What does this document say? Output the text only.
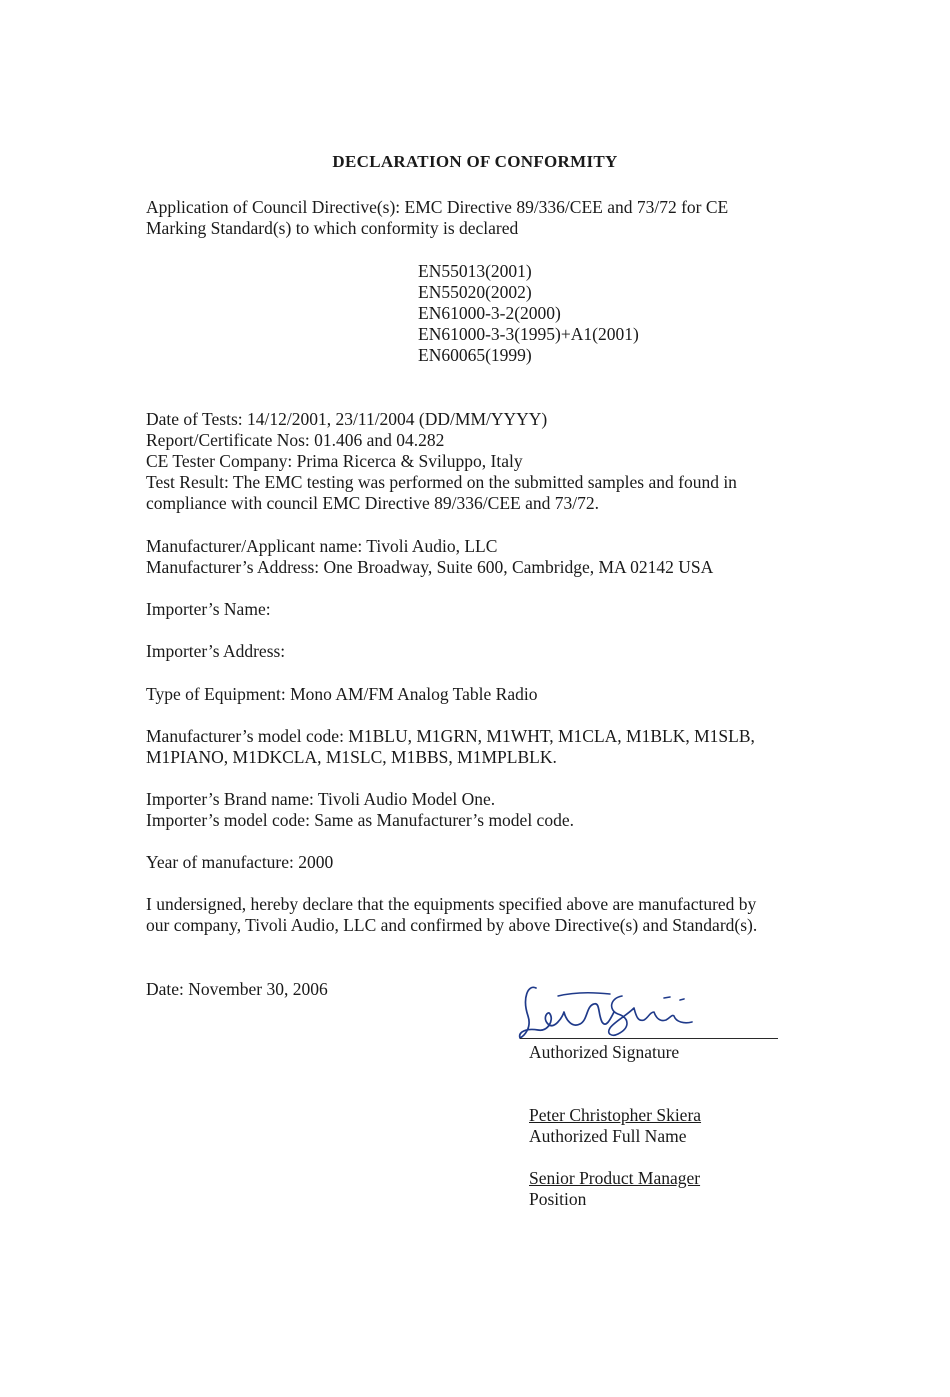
DECLARATION OF CONFORMITY
Application of Council Directive(s): EMC Directive 89/336/CEE and 73/72 for CE
Marking Standard(s) to which conformity is declared
EN55013(2001)
EN55020(2002)
EN61000-3-2(2000)
EN61000-3-3(1995)+A1(2001)
EN60065(1999)
Date of Tests: 14/12/2001, 23/11/2004 (DD/MM/YYYY)
Report/Certificate Nos: 01.406 and 04.282
CE Tester Company: Prima Ricerca & Sviluppo, Italy
Test Result: The EMC testing was performed on the submitted samples and found in
compliance with council EMC Directive 89/336/CEE and 73/72.
Manufacturer/Applicant name: Tivoli Audio, LLC
Manufacturer’s Address: One Broadway, Suite 600, Cambridge, MA 02142 USA
Importer’s Name:
Importer’s Address:
Type of Equipment: Mono AM/FM Analog Table Radio
Manufacturer’s model code: M1BLU, M1GRN, M1WHT, M1CLA, M1BLK, M1SLB,
M1PIANO, M1DKCLA, M1SLC, M1BBS, M1MPLBLK.
Importer’s Brand name: Tivoli Audio Model One.
Importer’s model code: Same as Manufacturer’s model code.
Year of manufacture: 2000
I undersigned, hereby declare that the equipments specified above are manufactured by
our company, Tivoli Audio, LLC and confirmed by above Directive(s) and Standard(s).
Date: November 30, 2006
Authorized Signature
Peter Christopher Skiera
Authorized Full Name
Senior Product Manager
Position
